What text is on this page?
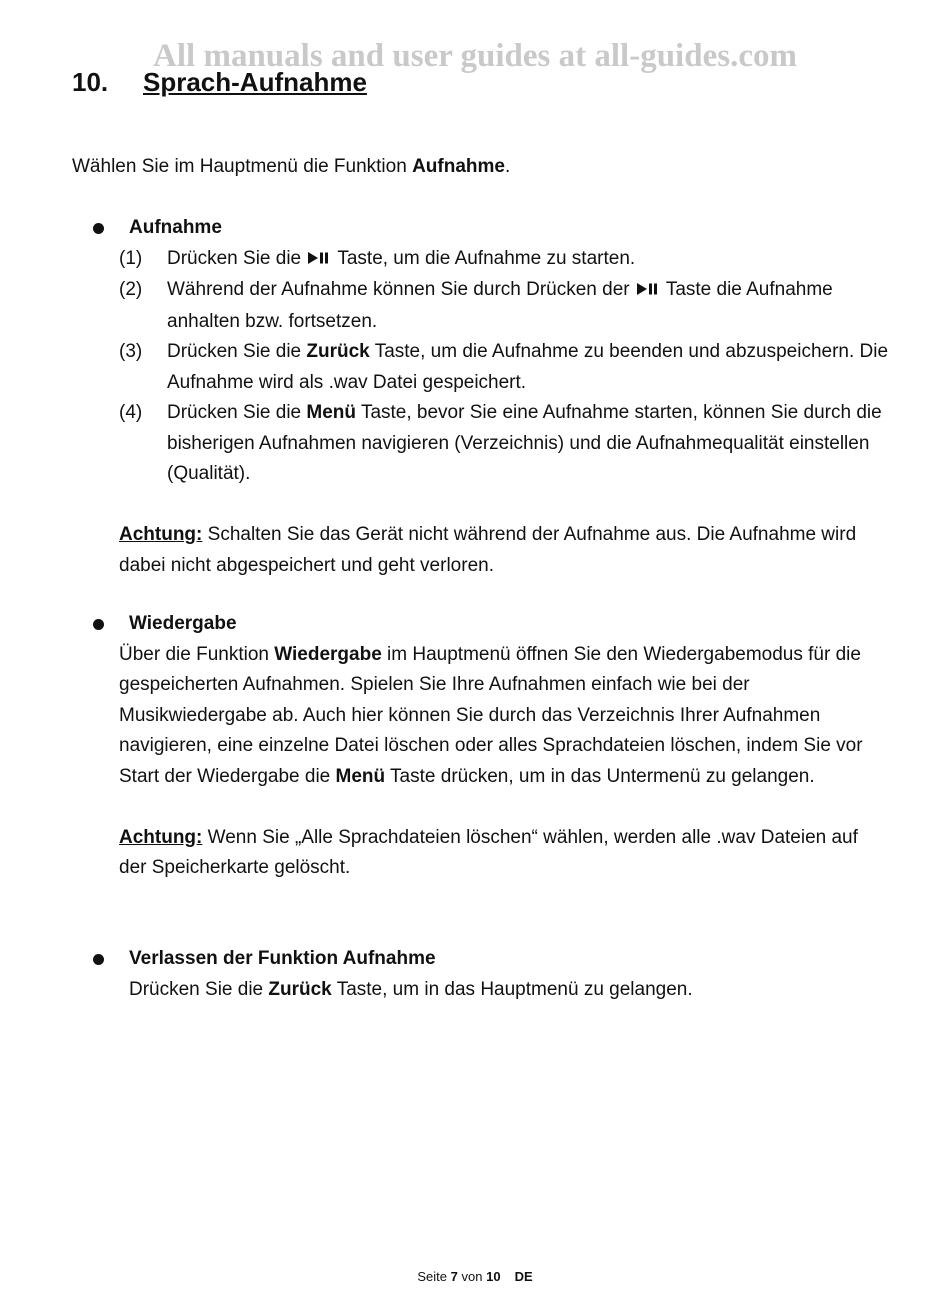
All manuals and user guides at all-guides.com
10. Sprach-Aufnahme
Wählen Sie im Hauptmenü die Funktion Aufnahme.
Aufnahme
(1) Drücken Sie die  Taste, um die Aufnahme zu starten.
(2) Während der Aufnahme können Sie durch Drücken der  Taste die Aufnahme anhalten bzw. fortsetzen.
(3) Drücken Sie die Zurück Taste, um die Aufnahme zu beenden und abzuspeichern. Die Aufnahme wird als .wav Datei gespeichert.
(4) Drücken Sie die Menü Taste, bevor Sie eine Aufnahme starten, können Sie durch die bisherigen Aufnahmen navigieren (Verzeichnis) und die Aufnahmequalität einstellen (Qualität).
Achtung: Schalten Sie das Gerät nicht während der Aufnahme aus. Die Aufnahme wird dabei nicht abgespeichert und geht verloren.
Wiedergabe
Über die Funktion Wiedergabe im Hauptmenü öffnen Sie den Wiedergabemodus für die gespeicherten Aufnahmen. Spielen Sie Ihre Aufnahmen einfach wie bei der Musikwiedergabe ab. Auch hier können Sie durch das Verzeichnis Ihrer Aufnahmen navigieren, eine einzelne Datei löschen oder alles Sprachdateien löschen, indem Sie vor Start der Wiedergabe die Menü Taste drücken, um in das Untermenü zu gelangen.
Achtung: Wenn Sie „Alle Sprachdateien löschen“ wählen, werden alle .wav Dateien auf der Speicherkarte gelöscht.
Verlassen der Funktion Aufnahme
Drücken Sie die Zurück Taste, um in das Hauptmenü zu gelangen.
Seite 7 von 10 DE
